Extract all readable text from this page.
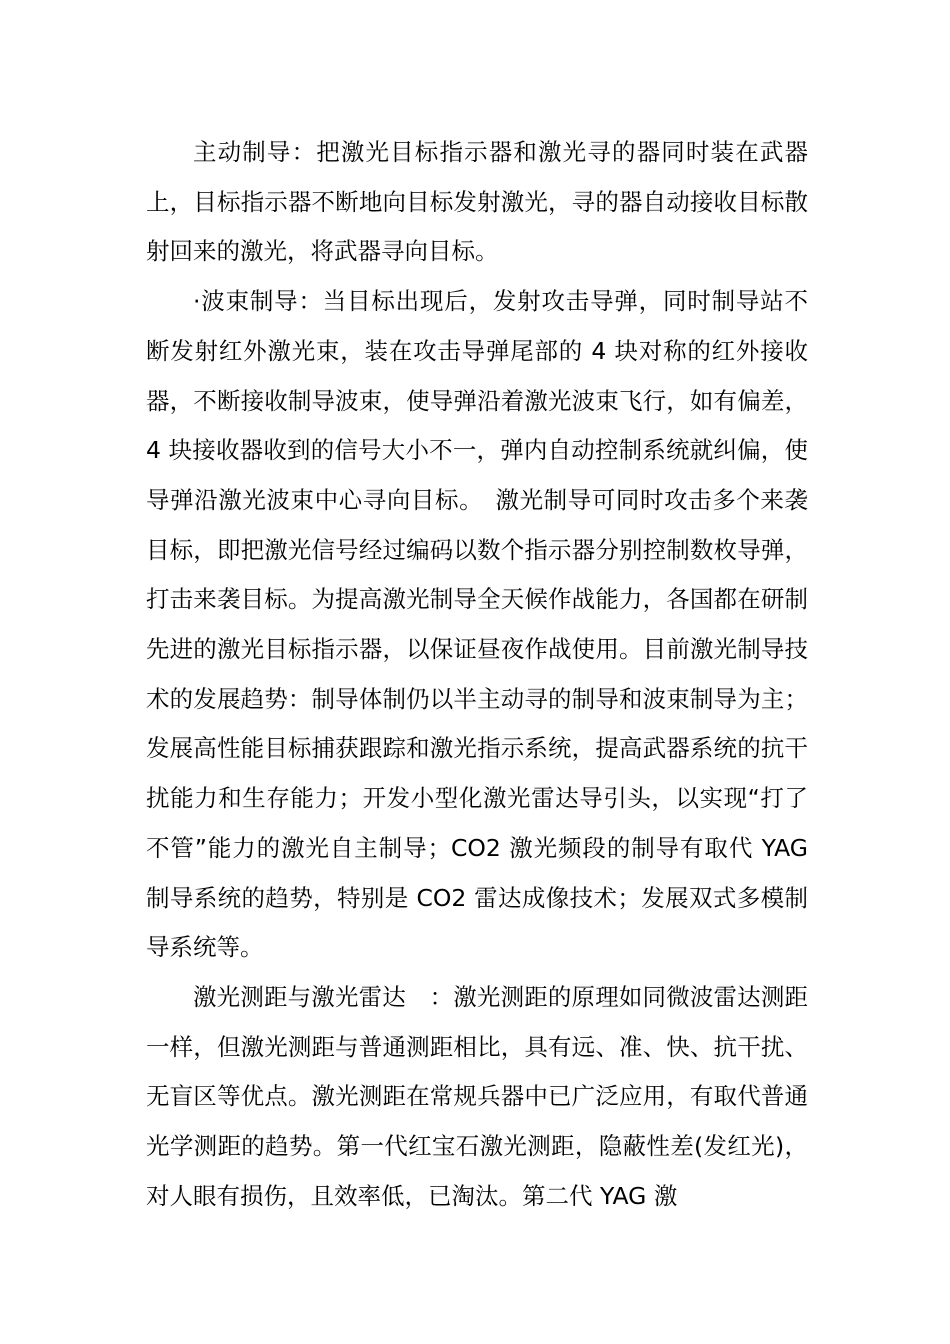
主动制导：把激光目标指示器和激光寻的器同时装在武器上，目标指示器不断地向目标发射激光，寻的器自动接收目标散射回来的激光，将武器寻向目标。

·波束制导：当目标出现后，发射攻击导弹，同时制导站不断发射红外激光束，装在攻击导弹尾部的 4 块对称的红外接收器，不断接收制导波束，使导弹沿着激光波束飞行，如有偏差，4 块接收器收到的信号大小不一，弹内自动控制系统就纠偏，使导弹沿激光波束中心寻向目标。　激光制导可同时攻击多个来袭目标，即把激光信号经过编码以数个指示器分别控制数枚导弹，打击来袭目标。为提高激光制导全天候作战能力，各国都在研制先进的激光目标指示器，以保证昼夜作战使用。目前激光制导技术的发展趋势：制导体制仍以半主动寻的制导和波束制导为主；发展高性能目标捕获跟踪和激光指示系统，提高武器系统的抗干扰能力和生存能力；开发小型化激光雷达导引头，以实现“打了不管”能力的激光自主制导；CO2 激光频段的制导有取代 YAG 制导系统的趋势，特别是 CO2 雷达成像技术；发展双式多模制导系统等。

激光测距与激光雷达　：激光测距的原理如同微波雷达测距一样，但激光测距与普通测距相比，具有远、准、快、抗干扰、无盲区等优点。激光测距在常规兵器中已广泛应用，有取代普通光学测距的趋势。第一代红宝石激光测距，隐蔽性差(发红光)，对人眼有损伤，且效率低，已淘汰。第二代 YAG 激
